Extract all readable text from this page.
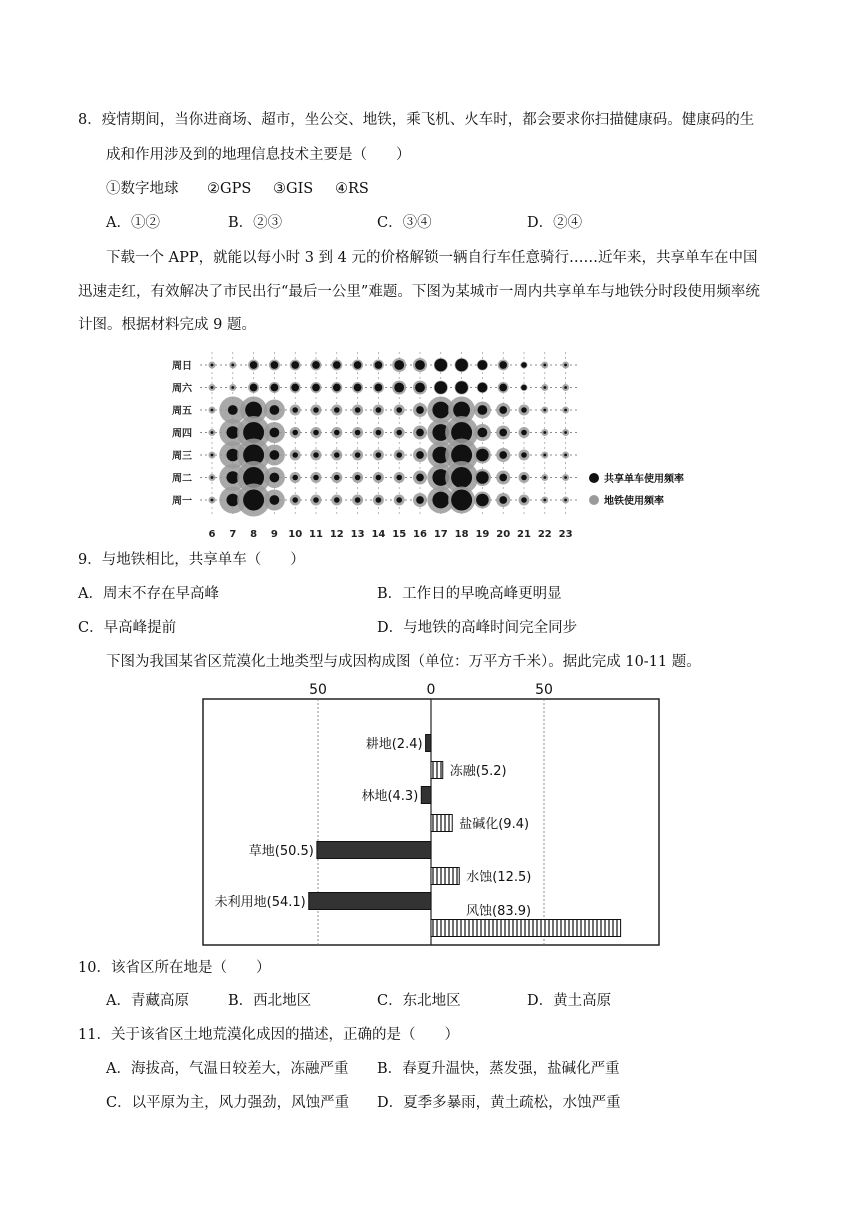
8．疫情期间，当你进商场、超市，坐公交、地铁，乘飞机、火车时，都会要求你扫描健康码。健康码的生
成和作用涉及到的地理信息技术主要是（　　）
①数字地球 ②GPS ③GIS ④RS
A．①②	B．②③	C．③④	D．②④
下载一个 APP，就能以每小时 3 到 4 元的价格解锁一辆自行车任意骑行……近年来，共享单车在中国
迅速走红，有效解决了市民出行“最后一公里”难题。下图为某城市一周内共享单车与地铁分时段使用频率统
计图。根据材料完成 9 题。
周日
周六
周五
周四
周三
周二
周一
6 7 8 9 10 11 12 13 14 15 16 17 18 19 20 21 22 23
共享单车使用频率
地铁使用频率
9．与地铁相比，共享单车（　　）
A．周末不存在早高峰	B．工作日的早晚高峰更明显
C．早高峰提前	D．与地铁的高峰时间完全同步
下图为我国某省区荒漠化土地类型与成因构成图（单位：万平方千米）。据此完成 10-11 题。
50	0	50
耕地(2.4)
林地(4.3)
草地(50.5)
未利用地(54.1)
冻融(5.2)
盐碱化(9.4)
水蚀(12.5)
风蚀(83.9)
10．该省区所在地是（　　）
A．青藏高原	B．西北地区	C．东北地区	D．黄土高原
11．关于该省区土地荒漠化成因的描述，正确的是（　　）
A．海拔高，气温日较差大，冻融严重 B．春夏升温快，蒸发强，盐碱化严重
C．以平原为主，风力强劲，风蚀严重 D．夏季多暴雨，黄土疏松，水蚀严重
